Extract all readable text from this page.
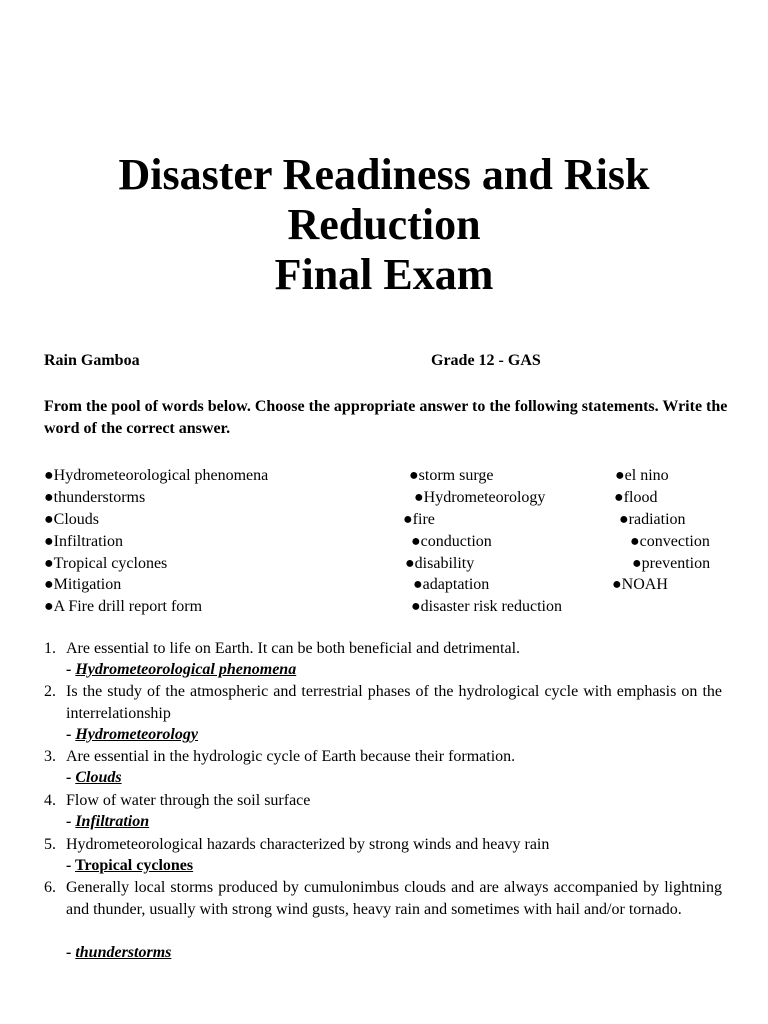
Disaster Readiness and Risk
Reduction
Final Exam
Rain Gamboa	Grade 12 - GAS
From the pool of words below. Choose the appropriate answer to the following statements. Write the word of the correct answer.
●Hydrometeorological phenomena
●thunderstorms
●Clouds
●Infiltration
●Tropical cyclones
●Mitigation
●A Fire drill report form
●storm surge
●Hydrometeorology
●fire
●conduction
●disability
●adaptation
●disaster risk reduction
●el nino
●flood
●radiation
●convection
●prevention
●NOAH
1. Are essential to life on Earth. It can be both beneficial and detrimental.
- Hydrometeorological phenomena
2. Is the study of the atmospheric and terrestrial phases of the hydrological cycle with emphasis on the interrelationship
- Hydrometeorology
3. Are essential in the hydrologic cycle of Earth because their formation.
- Clouds
4. Flow of water through the soil surface
- Infiltration
5. Hydrometeorological hazards characterized by strong winds and heavy rain
- Tropical cyclones
6. Generally local storms produced by cumulonimbus clouds and are always accompanied by lightning and thunder, usually with strong wind gusts, heavy rain and sometimes with hail and/or tornado.
- thunderstorms
